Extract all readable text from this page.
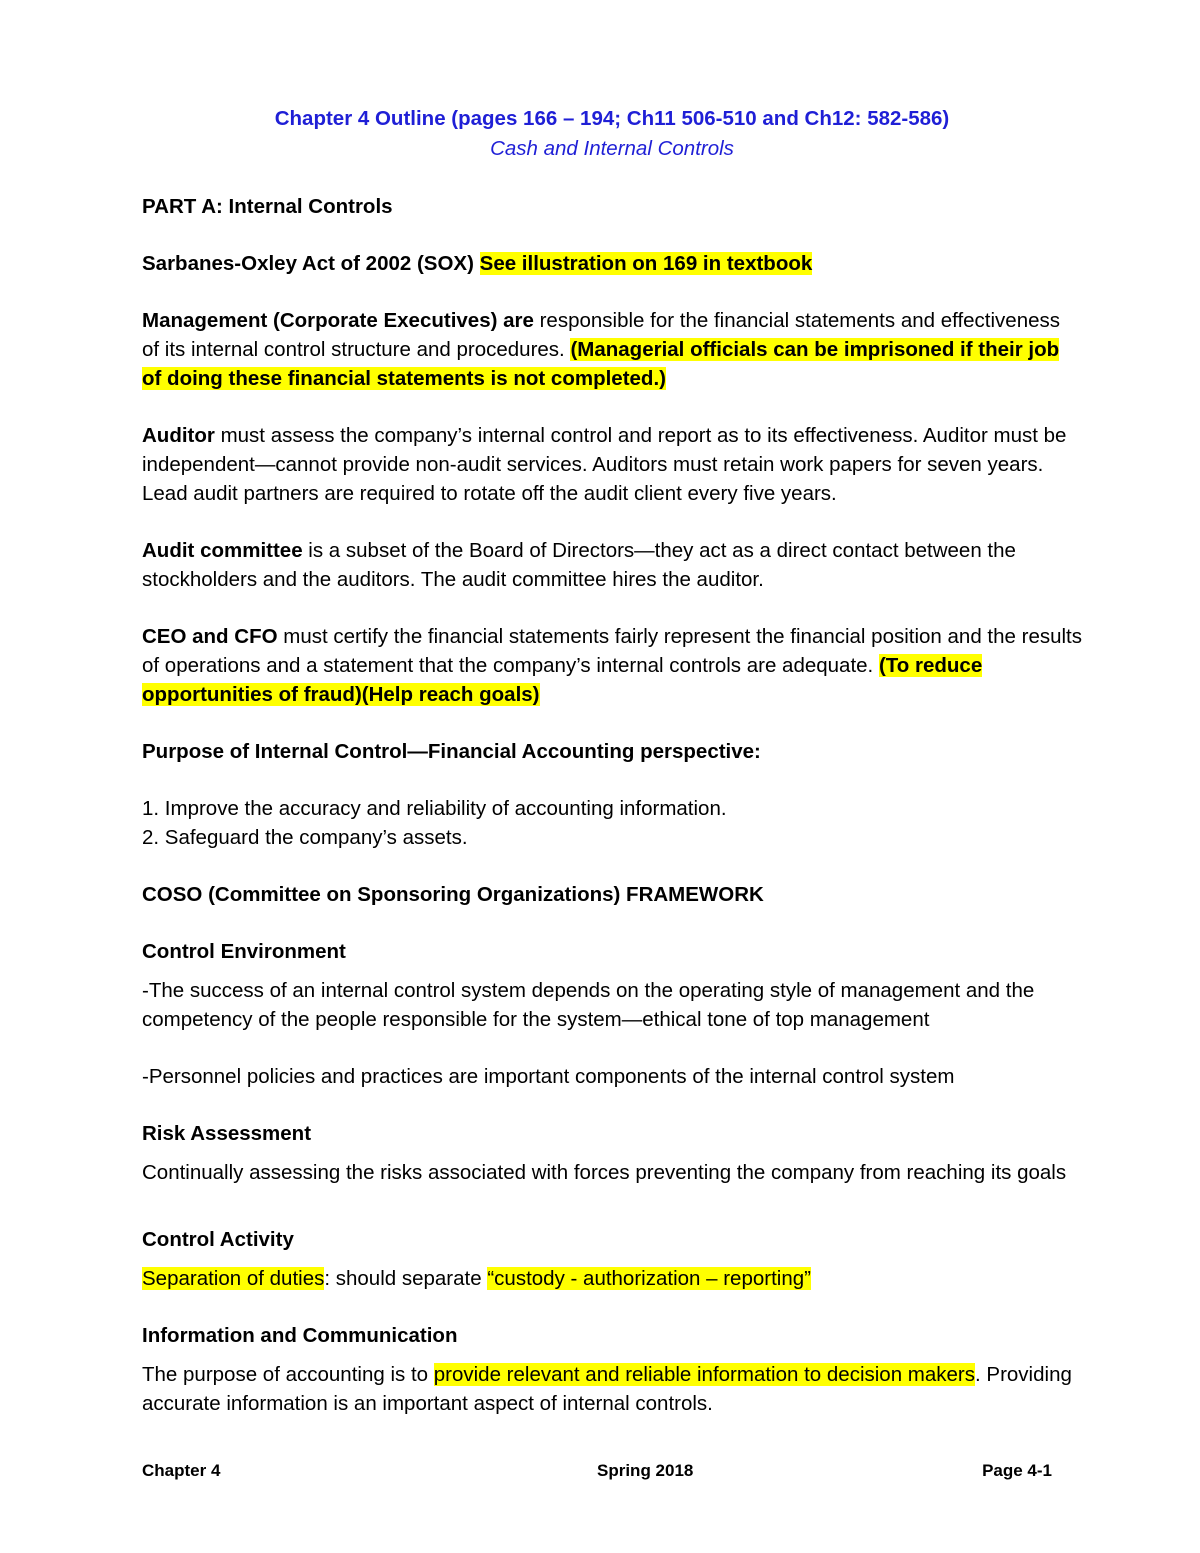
Chapter 4 Outline (pages 166 – 194; Ch11 506-510 and Ch12: 582-586)
Cash and Internal Controls
PART A: Internal Controls
Sarbanes-Oxley Act of 2002 (SOX) See illustration on 169 in textbook
Management (Corporate Executives) are responsible for the financial statements and effectiveness of its internal control structure and procedures. (Managerial officials can be imprisoned if their job of doing these financial statements is not completed.)
Auditor must assess the company’s internal control and report as to its effectiveness. Auditor must be independent—cannot provide non-audit services. Auditors must retain work papers for seven years. Lead audit partners are required to rotate off the audit client every five years.
Audit committee is a subset of the Board of Directors—they act as a direct contact between the stockholders and the auditors. The audit committee hires the auditor.
CEO and CFO must certify the financial statements fairly represent the financial position and the results of operations and a statement that the company’s internal controls are adequate. (To reduce opportunities of fraud)(Help reach goals)
Purpose of Internal Control—Financial Accounting perspective:
1. Improve the accuracy and reliability of accounting information.
2. Safeguard the company’s assets.
COSO (Committee on Sponsoring Organizations) FRAMEWORK
Control Environment
-The success of an internal control system depends on the operating style of management and the competency of the people responsible for the system—ethical tone of top management
-Personnel policies and practices are important components of the internal control system
Risk Assessment
Continually assessing the risks associated with forces preventing the company from reaching its goals
Control Activity
Separation of duties: should separate “custody - authorization – reporting”
Information and Communication
The purpose of accounting is to provide relevant and reliable information to decision makers. Providing accurate information is an important aspect of internal controls.
Chapter 4	Spring 2018	Page 4-1
